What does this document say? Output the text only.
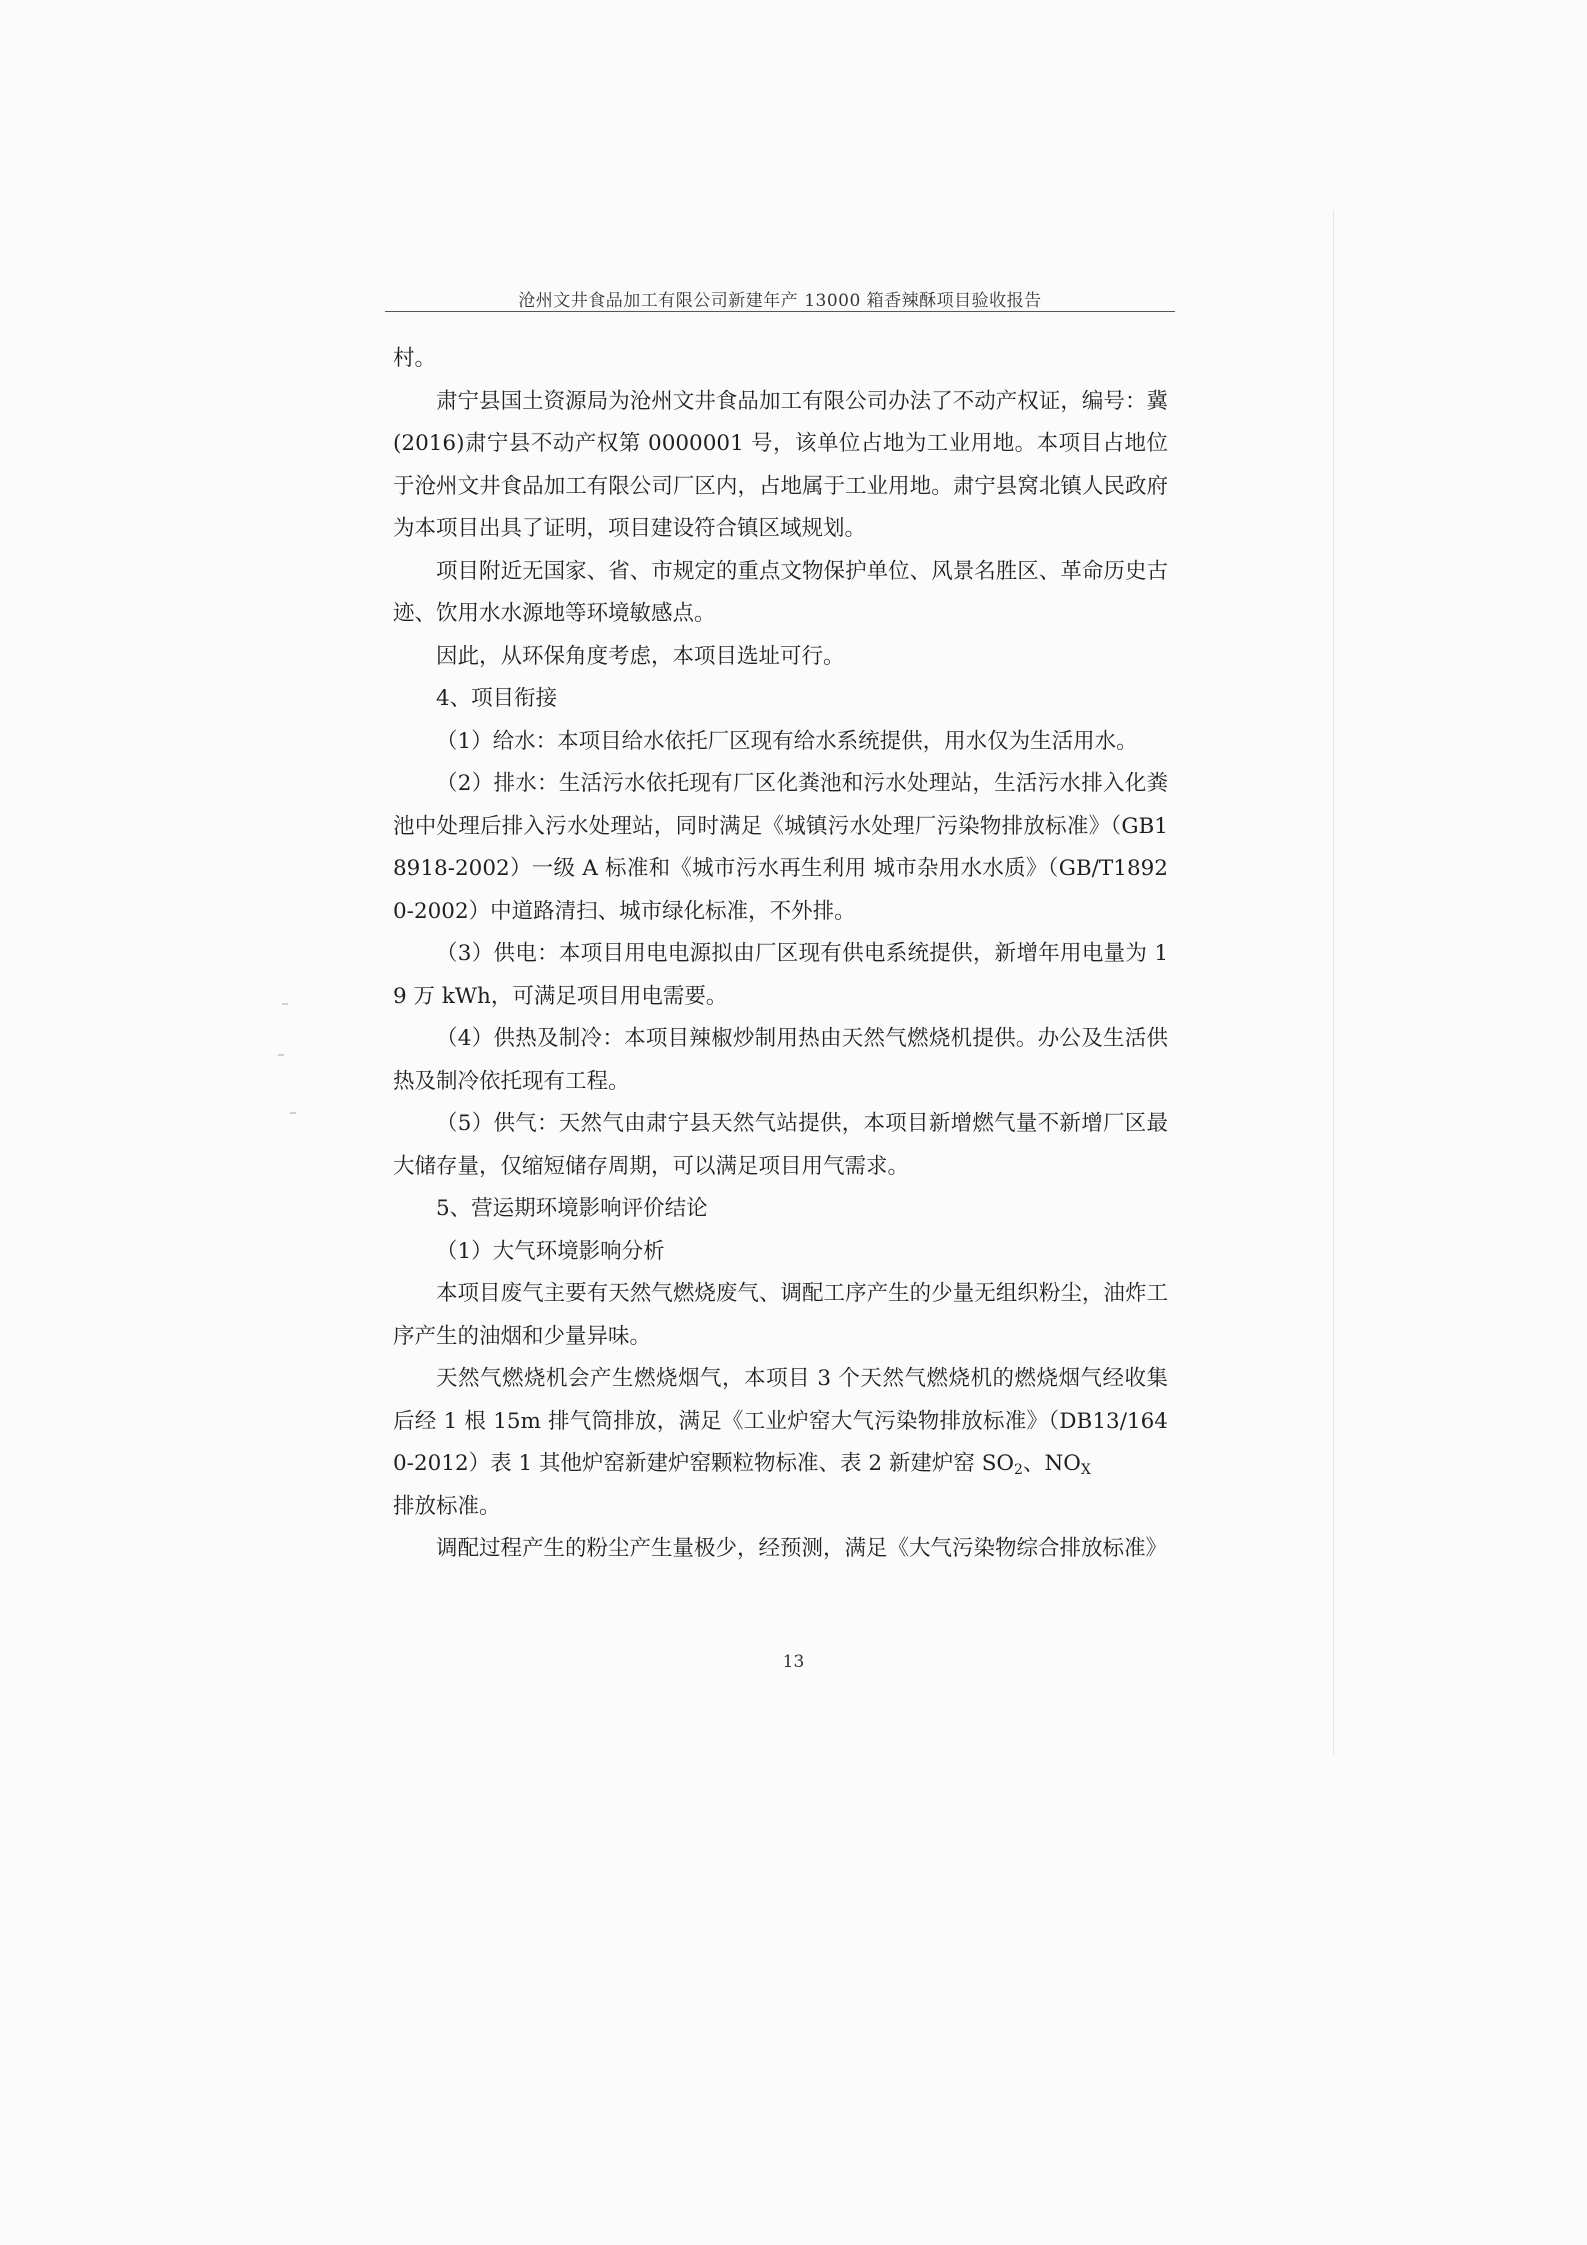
沧州文井食品加工有限公司新建年产 13000 箱香辣酥项目验收报告

村。

肃宁县国土资源局为沧州文井食品加工有限公司办法了不动产权证，编号：冀(2016)肃宁县不动产权第 0000001 号，该单位占地为工业用地。本项目占地位于沧州文井食品加工有限公司厂区内，占地属于工业用地。肃宁县窝北镇人民政府为本项目出具了证明，项目建设符合镇区域规划。

项目附近无国家、省、市规定的重点文物保护单位、风景名胜区、革命历史古迹、饮用水水源地等环境敏感点。

因此，从环保角度考虑，本项目选址可行。

4、项目衔接

（1）给水：本项目给水依托厂区现有给水系统提供，用水仅为生活用水。

（2）排水：生活污水依托现有厂区化粪池和污水处理站，生活污水排入化粪池中处理后排入污水处理站，同时满足《城镇污水处理厂污染物排放标准》（GB18918-2002）一级 A 标准和《城市污水再生利用 城市杂用水水质》（GB/T18920-2002）中道路清扫、城市绿化标准，不外排。

（3）供电：本项目用电电源拟由厂区现有供电系统提供，新增年用电量为 19 万 kWh，可满足项目用电需要。

（4）供热及制冷：本项目辣椒炒制用热由天然气燃烧机提供。办公及生活供热及制冷依托现有工程。

（5）供气：天然气由肃宁县天然气站提供，本项目新增燃气量不新增厂区最大储存量，仅缩短储存周期，可以满足项目用气需求。

5、营运期环境影响评价结论

（1）大气环境影响分析

本项目废气主要有天然气燃烧废气、调配工序产生的少量无组织粉尘，油炸工序产生的油烟和少量异味。

天然气燃烧机会产生燃烧烟气，本项目 3 个天然气燃烧机的燃烧烟气经收集后经 1 根 15m 排气筒排放，满足《工业炉窑大气污染物排放标准》（DB13/1640-2012）表 1 其他炉窑新建炉窑颗粒物标准、表 2 新建炉窑 $SO_2$、$NO_X$
排放标准。

调配过程产生的粉尘产生量极少，经预测，满足《大气污染物综合排放标准》

13
